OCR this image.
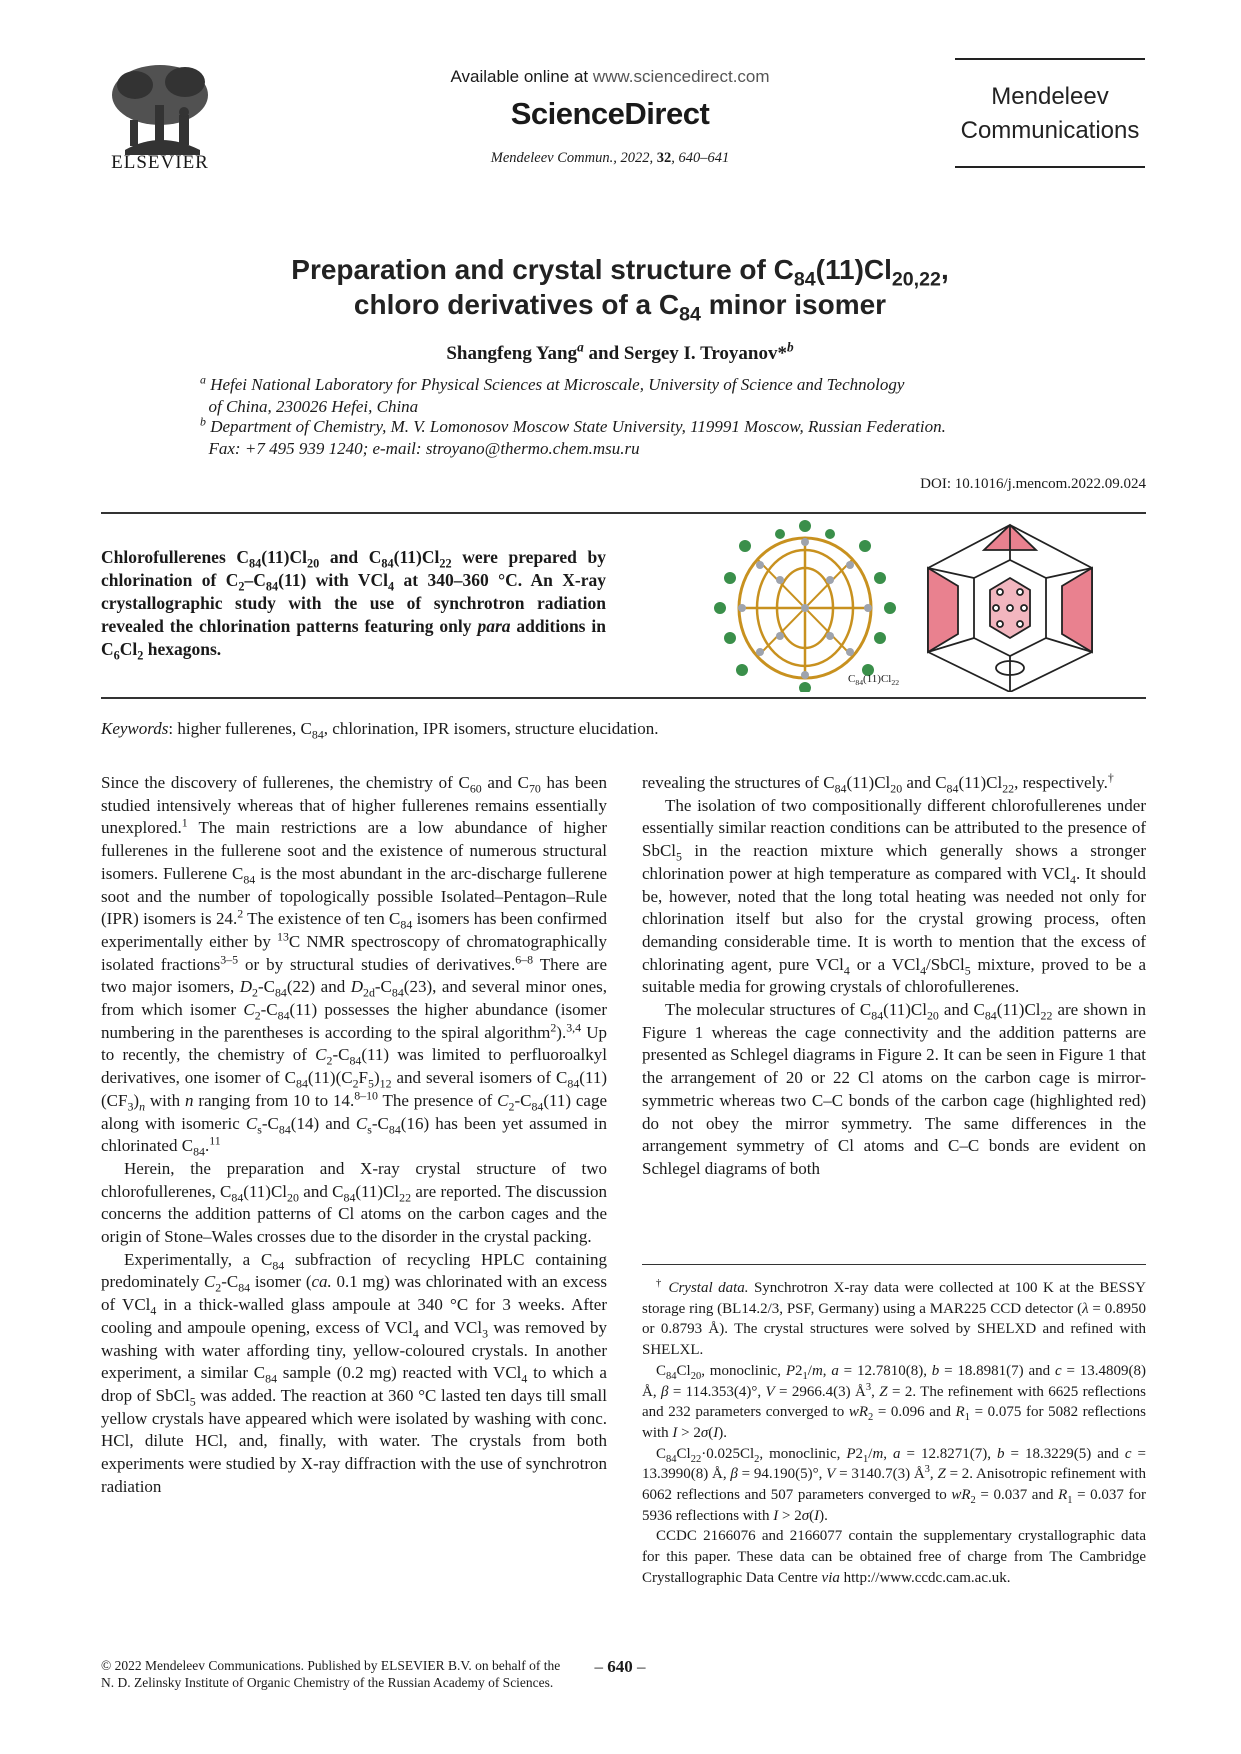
ELSEVIER
Available online at www.sciencedirect.com
ScienceDirect
Mendeleev Commun., 2022, 32, 640–641
Mendeleev
Communications
Preparation and crystal structure of $C_{84}(11)Cl_{20,22}$,
chloro derivatives of a $C_{84}$ minor isomer
Shangfeng Yang$^a$ and Sergey I. Troyanov*$^b$
$^a$ Hefei National Laboratory for Physical Sciences at Microscale, University of Science and Technology
of China, 230026 Hefei, China
$^b$ Department of Chemistry, M. V. Lomonosov Moscow State University, 119991 Moscow, Russian Federation.
Fax: +7 495 939 1240; e-mail: stroyano@thermo.chem.msu.ru
DOI: 10.1016/j.mencom.2022.09.024
Chlorofullerenes $C_{84}(11)Cl_{20}$ and $C_{84}(11)Cl_{22}$ were prepared by chlorination of $C_2-C_{84}(11)$ with VCl$_4$ at 340–360 °C. An X-ray crystallographic study with the use of synchrotron radiation revealed the chlorination patterns featuring only para additions in $C_6Cl_2$ hexagons.
$C_{84}(11)Cl_{22}$
Keywords: higher fullerenes, $C_{84}$, chlorination, IPR isomers, structure elucidation.

Since the discovery of fullerenes, the chemistry of $C_{60}$ and $C_{70}$ has been studied intensively whereas that of higher fullerenes remains essentially unexplored.$^1$ The main restrictions are a low abundance of higher fullerenes in the fullerene soot and the existence of numerous structural isomers. Fullerene $C_{84}$ is the most abundant in the arc-discharge fullerene soot and the number of topologically possible Isolated–Pentagon–Rule (IPR) isomers is 24.$^2$ The existence of ten $C_{84}$ isomers has been confirmed experimentally either by $^{13}$C NMR spectroscopy of chromatographically isolated fractions$^{3-5}$ or by structural studies of derivatives.$^{6-8}$ There are two major isomers, $D_2-C_{84}(22)$ and $D_{2d}-C_{84}(23)$, and several minor ones, from which isomer $C_2-C_{84}(11)$ possesses the higher abundance (isomer numbering in the parentheses is according to the spiral algorithm$^2$).$^{3,4}$ Up to recently, the chemistry of $C_2-C_{84}(11)$ was limited to perfluoroalkyl derivatives, one isomer of $C_{84}(11)(C_2F_5)_{12}$ and several isomers of $C_{84}(11)(CF_3)_n$ with n ranging from 10 to 14.$^{8-10}$ The presence of $C_2-C_{84}(11)$ cage along with isomeric $C_s-C_{84}(14)$ and $C_s-C_{84}(16)$ has been yet assumed in chlorinated $C_{84}.^{11}$

Herein, the preparation and X-ray crystal structure of two chlorofullerenes, $C_{84}(11)Cl_{20}$ and $C_{84}(11)Cl_{22}$ are reported. The discussion concerns the addition patterns of Cl atoms on the carbon cages and the origin of Stone–Wales crosses due to the disorder in the crystal packing.

Experimentally, a $C_{84}$ subfraction of recycling HPLC containing predominately $C_2-C_{84}$ isomer (ca. 0.1 mg) was chlorinated with an excess of VCl$_4$ in a thick-walled glass ampoule at 340 °C for 3 weeks. After cooling and ampoule opening, excess of VCl$_4$ and VCl$_3$ was removed by washing with water affording tiny, yellow-coloured crystals. In another experiment, a similar $C_{84}$ sample (0.2 mg) reacted with VCl$_4$ to which a drop of SbCl$_5$ was added. The reaction at 360 °C lasted ten days till small yellow crystals have appeared which were isolated by washing with conc. HCl, dilute HCl, and, finally, with water. The crystals from both experiments were studied by X-ray diffraction with the use of synchrotron radiation

revealing the structures of $C_{84}(11)Cl_{20}$ and $C_{84}(11)Cl_{22}$, respectively.†

The isolation of two compositionally different chlorofullerenes under essentially similar reaction conditions can be attributed to the presence of SbCl$_5$ in the reaction mixture which generally shows a stronger chlorination power at high temperature as compared with VCl$_4$. It should be, however, noted that the long total heating was needed not only for chlorination itself but also for the crystal growing process, often demanding considerable time. It is worth to mention that the excess of chlorinating agent, pure VCl$_4$ or a VCl$_4$/SbCl$_5$ mixture, proved to be a suitable media for growing crystals of chlorofullerenes.

The molecular structures of $C_{84}(11)Cl_{20}$ and $C_{84}(11)Cl_{22}$ are shown in Figure 1 whereas the cage connectivity and the addition patterns are presented as Schlegel diagrams in Figure 2. It can be seen in Figure 1 that the arrangement of 20 or 22 Cl atoms on the carbon cage is mirror-symmetric whereas two C–C bonds of the carbon cage (highlighted red) do not obey the mirror symmetry. The same differences in the arrangement symmetry of Cl atoms and C–C bonds are evident on Schlegel diagrams of both

† Crystal data. Synchrotron X-ray data were collected at 100 K at the BESSY storage ring (BL14.2/3, PSF, Germany) using a MAR225 CCD detector (λ = 0.8950 or 0.8793 Å). The crystal structures were solved by SHELXD and refined with SHELXL.

$C_{84}Cl_{20}$, monoclinic, $P2_1/m$, a = 12.7810(8), b = 18.8981(7) and c = 13.4809(8) Å, β = 114.353(4)°, V = 2966.4(3) $Å^3$, Z = 2. The refinement with 6625 reflections and 232 parameters converged to $wR_2 = 0.096$ and $R_1 = 0.075$ for 5082 reflections with I > 2σ(I).

$C_{84}Cl_{22}\cdot 0.025Cl_2$, monoclinic, $P2_1/m$, a = 12.8271(7), b = 18.3229(5) and c = 13.3990(8) Å, β = 94.190(5)°, V = 3140.7(3) $Å^3$, Z = 2. Anisotropic refinement with 6062 reflections and 507 parameters converged to $wR_2 = 0.037$ and $R_1 = 0.037$ for 5936 reflections with I > 2σ(I).

CCDC 2166076 and 2166077 contain the supplementary crystallographic data for this paper. These data can be obtained free of charge from The Cambridge Crystallographic Data Centre via http://www.ccdc.cam.ac.uk.

© 2022 Mendeleev Communications. Published by ELSEVIER B.V. on behalf of the N. D. Zelinsky Institute of Organic Chemistry of the Russian Academy of Sciences.
– 640 –
